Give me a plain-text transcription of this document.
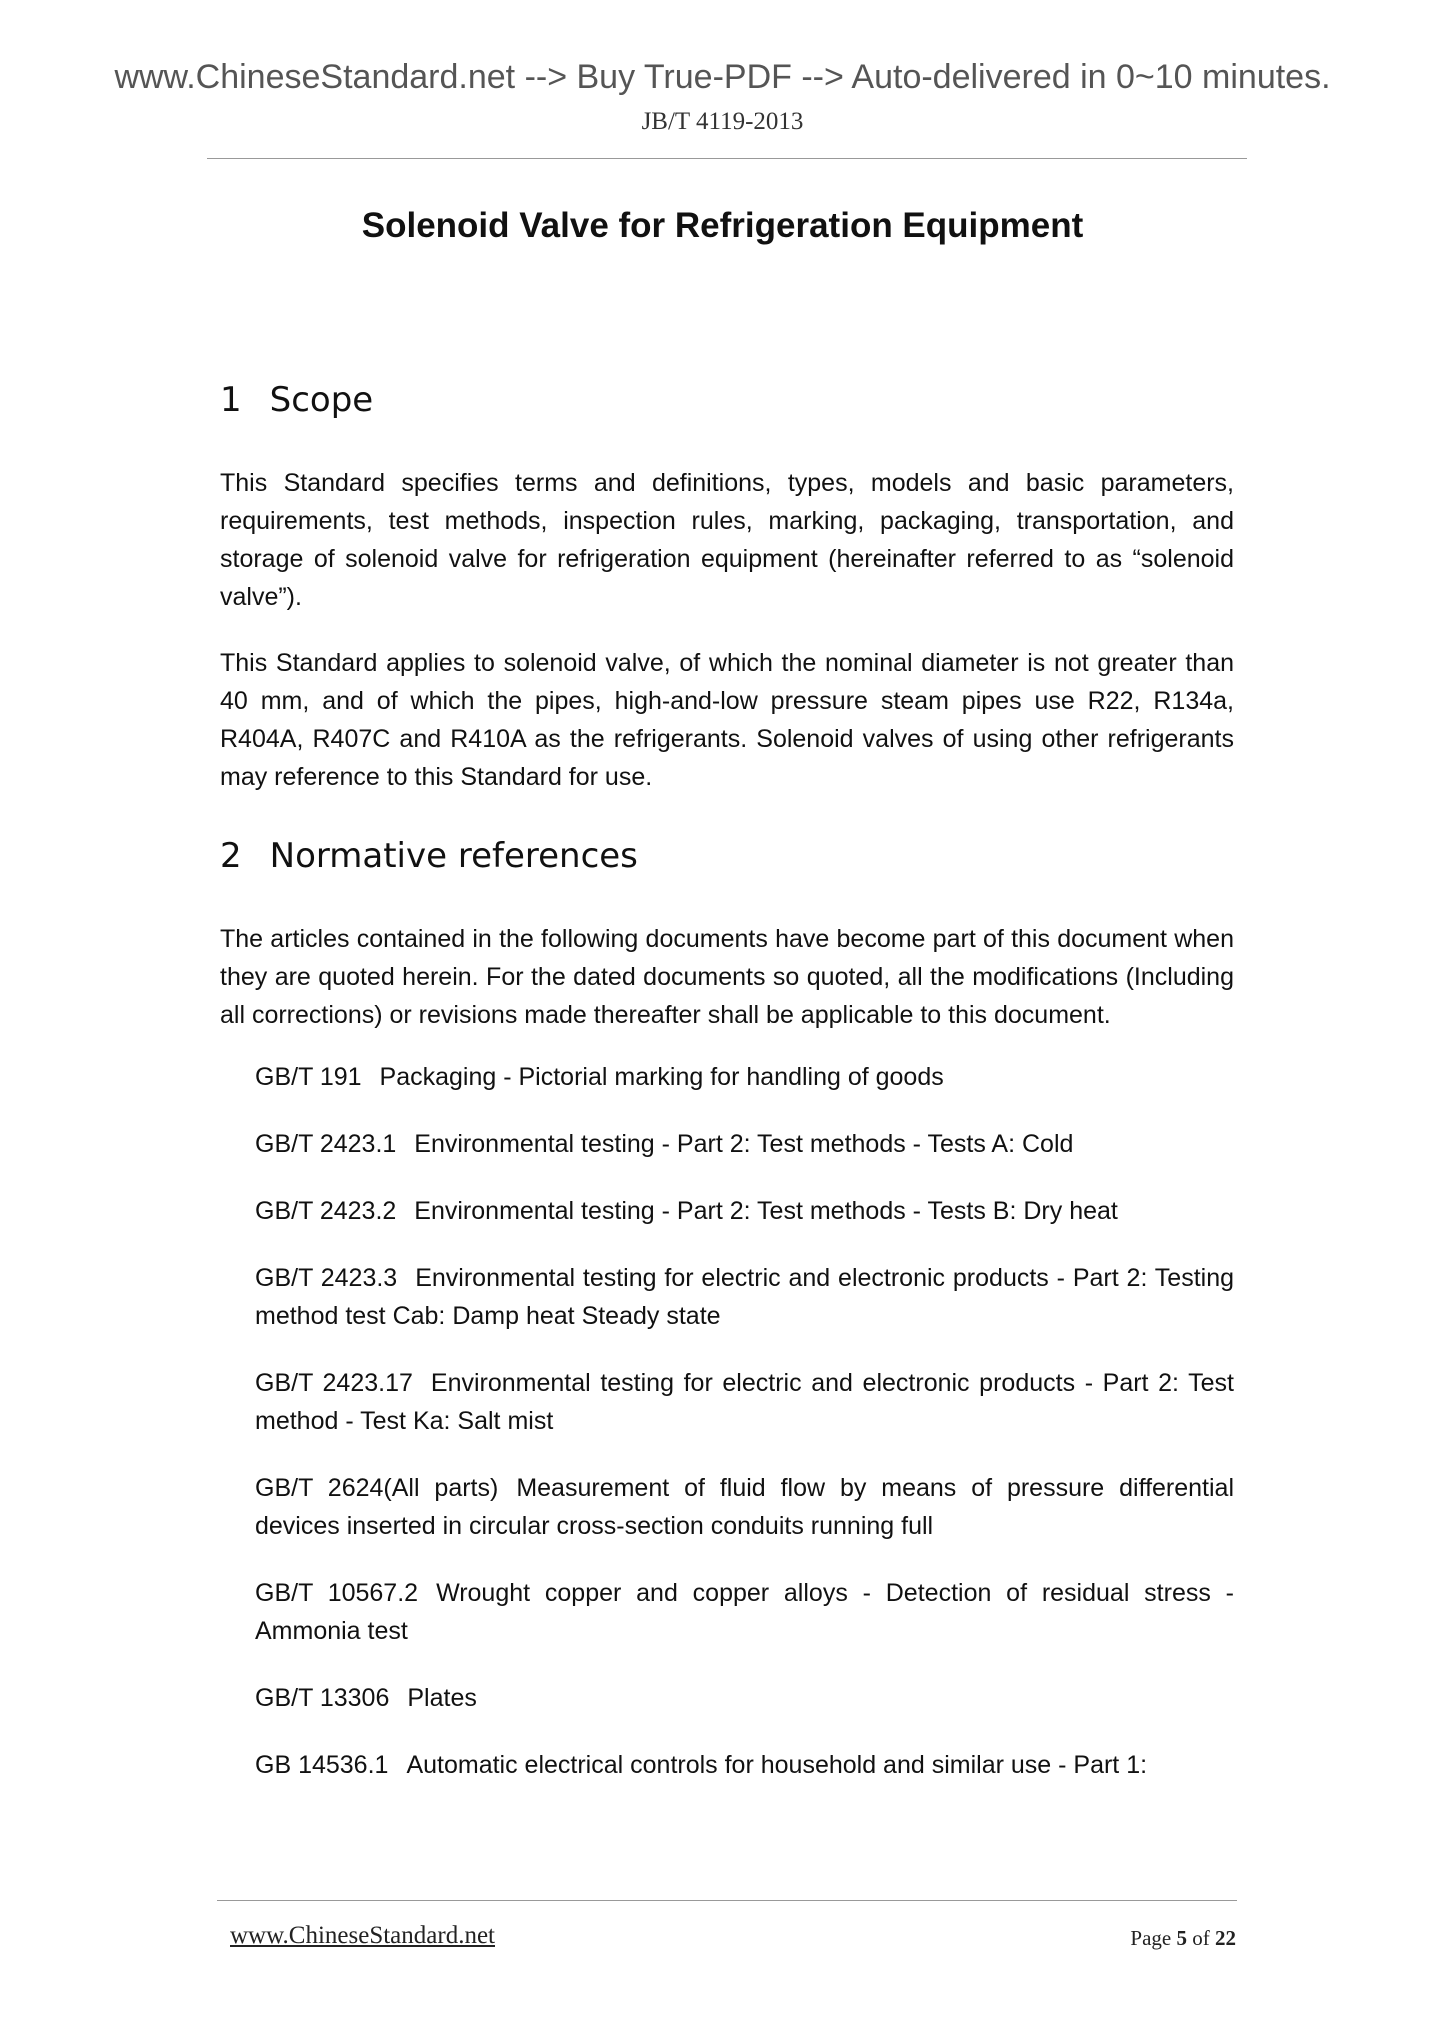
www.ChineseStandard.net --> Buy True-PDF --> Auto-delivered in 0~10 minutes.
JB/T 4119-2013
Solenoid Valve for Refrigeration Equipment
1 Scope

This Standard specifies terms and definitions, types, models and basic parameters, requirements, test methods, inspection rules, marking, packaging, transportation, and storage of solenoid valve for refrigeration equipment (hereinafter referred to as “solenoid valve”).

This Standard applies to solenoid valve, of which the nominal diameter is not greater than 40 mm, and of which the pipes, high-and-low pressure steam pipes use R22, R134a, R404A, R407C and R410A as the refrigerants. Solenoid valves of using other refrigerants may reference to this Standard for use.

2 Normative references

The articles contained in the following documents have become part of this document when they are quoted herein. For the dated documents so quoted, all the modifications (Including all corrections) or revisions made thereafter shall be applicable to this document.

GB/T 191 Packaging - Pictorial marking for handling of goods

GB/T 2423.1 Environmental testing - Part 2: Test methods - Tests A: Cold

GB/T 2423.2 Environmental testing - Part 2: Test methods - Tests B: Dry heat

GB/T 2423.3 Environmental testing for electric and electronic products - Part 2: Testing method test Cab: Damp heat Steady state

GB/T 2423.17 Environmental testing for electric and electronic products - Part 2: Test method - Test Ka: Salt mist

GB/T 2624(All parts) Measurement of fluid flow by means of pressure differential devices inserted in circular cross-section conduits running full

GB/T 10567.2 Wrought copper and copper alloys - Detection of residual stress - Ammonia test

GB/T 13306 Plates

GB 14536.1 Automatic electrical controls for household and similar use - Part 1:

www.ChineseStandard.net	Page 5 of 22
